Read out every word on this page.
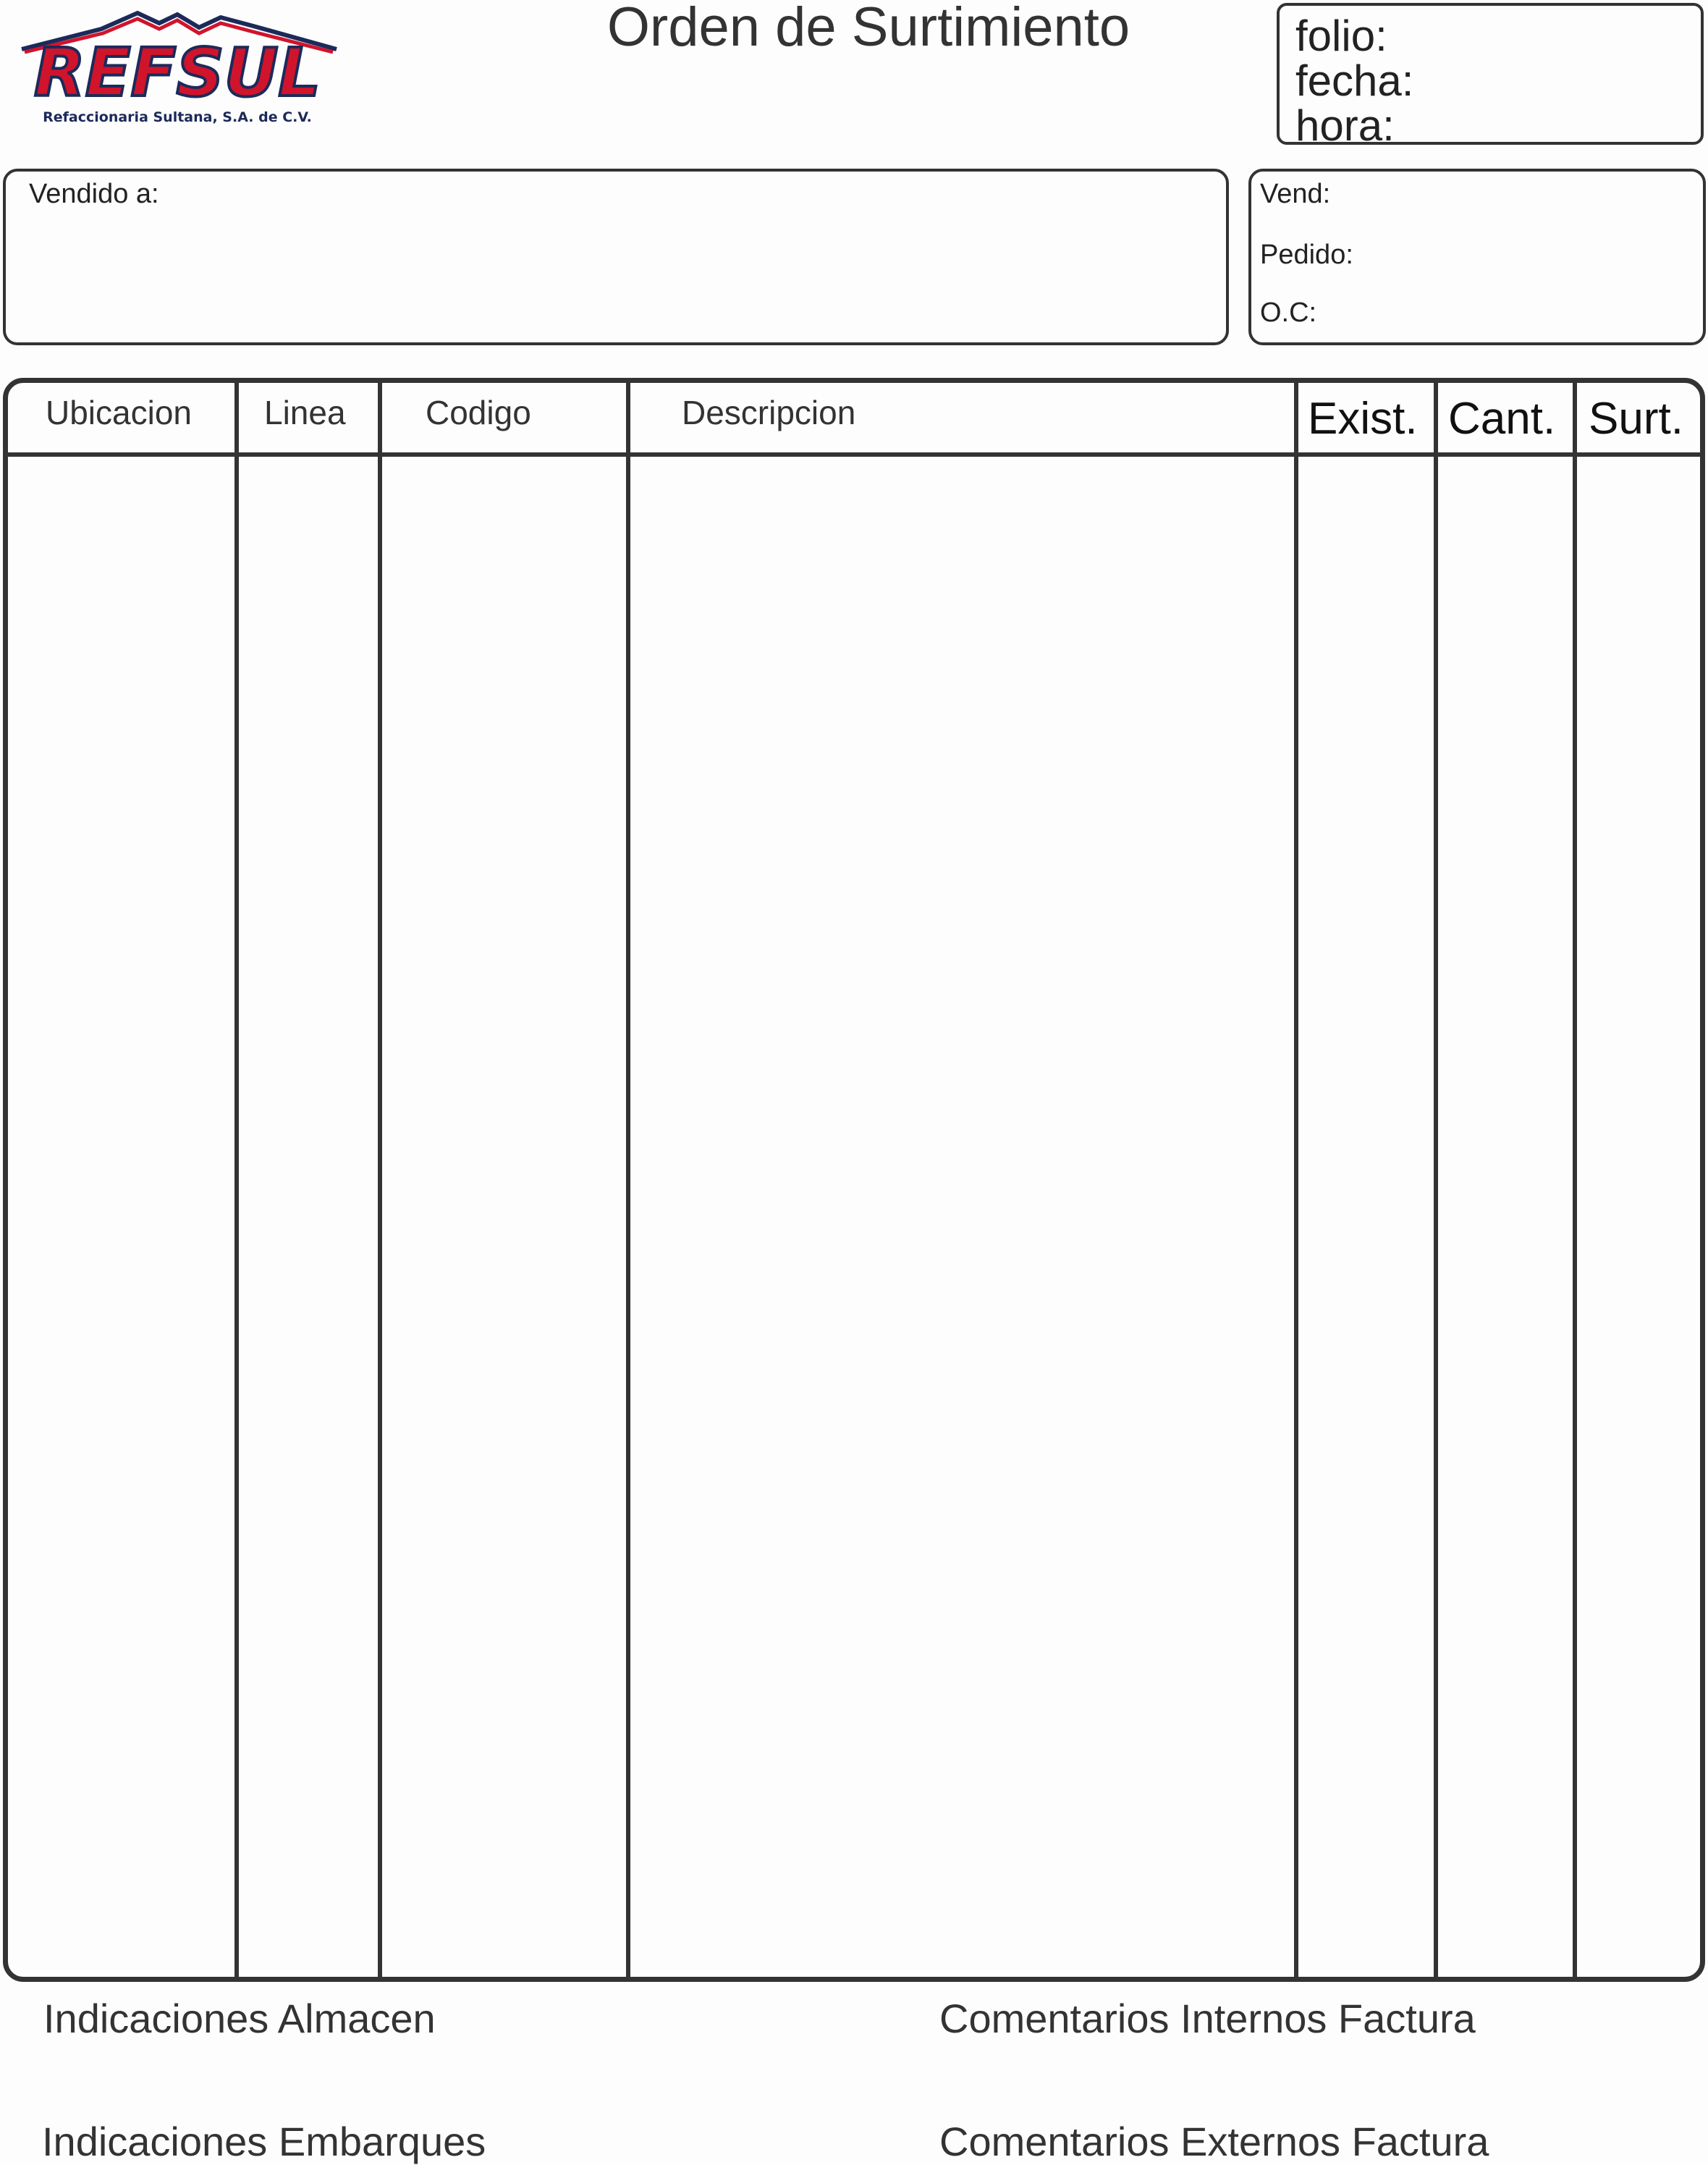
REFSUL
Refaccionaria Sultana, S.A. de C.V.
Orden de Surtimiento	folio:
fecha:
hora:
Vendido a:	Vend:
Pedido:
O.C:
Ubicacion Linea Codigo	Descripcion	Exist. Cant. Surt.
Indicaciones Almacen
Indicaciones Embarques
Comentarios Internos Factura
Comentarios Externos Factura
